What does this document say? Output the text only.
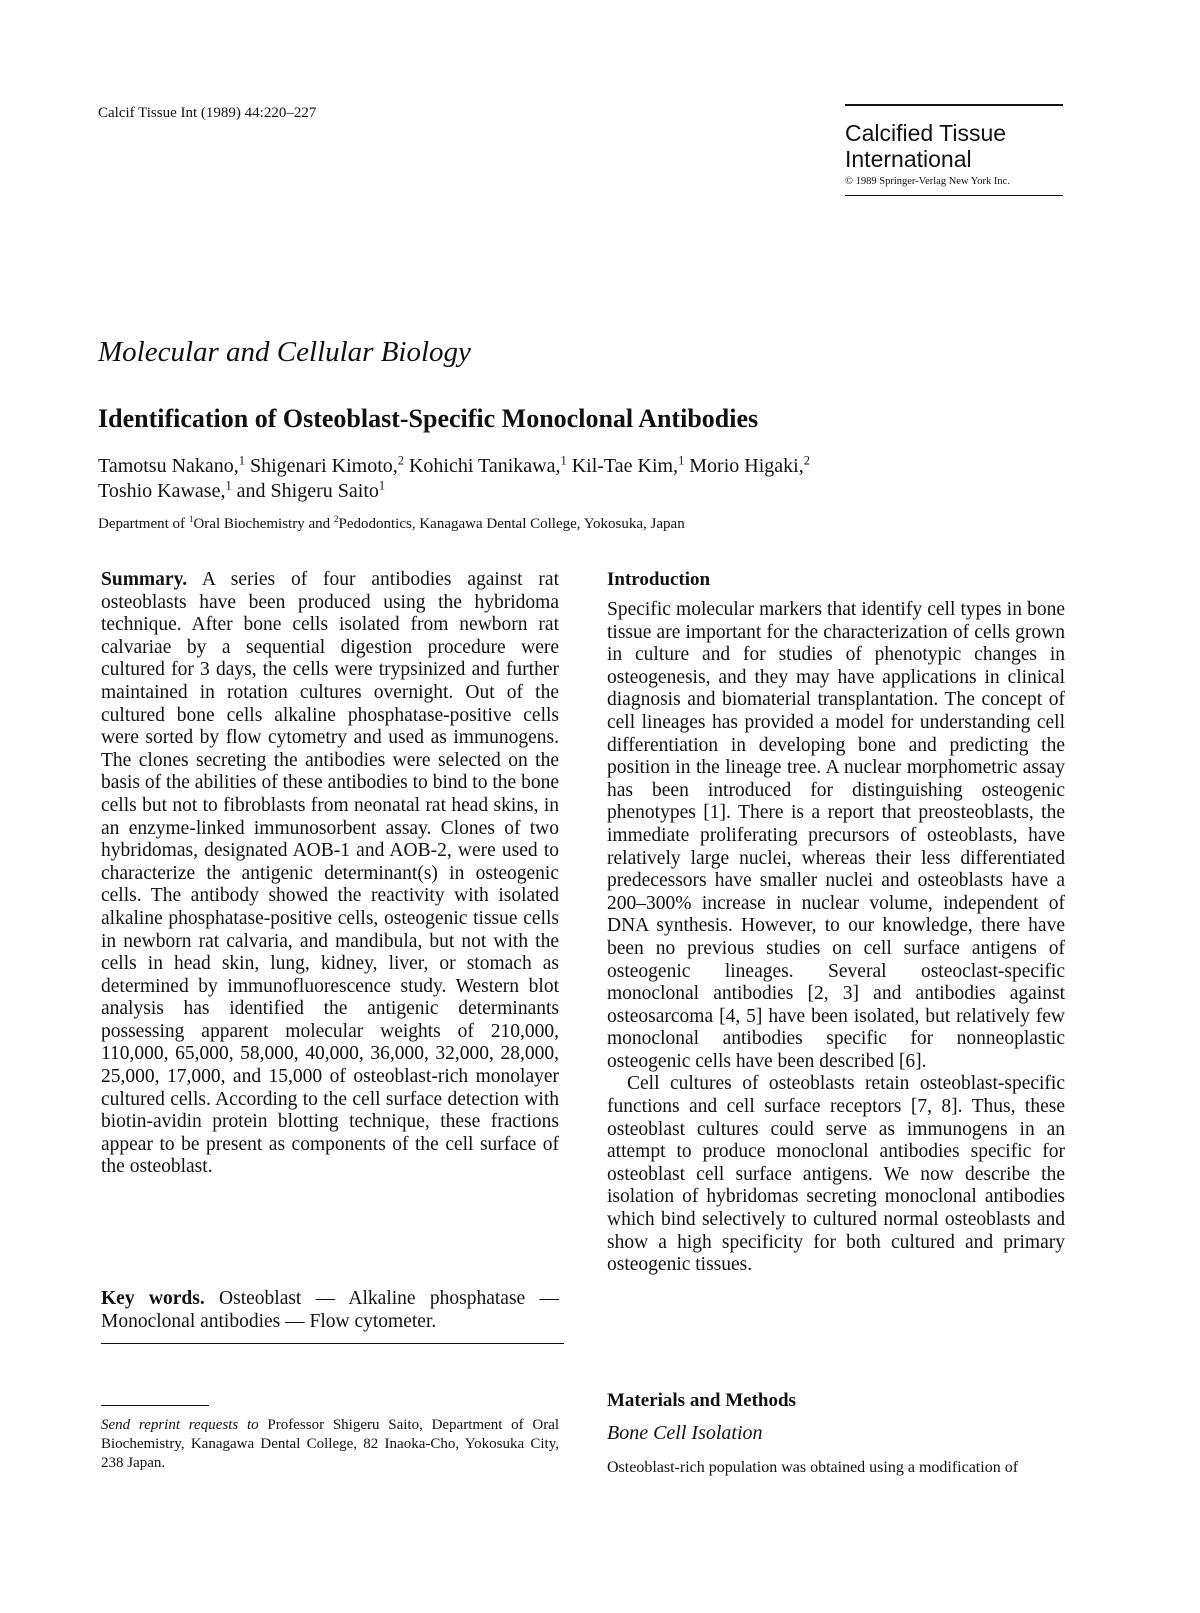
Calcif Tissue Int (1989) 44:220–227
Calcified Tissue International
© 1989 Springer-Verlag New York Inc.
Molecular and Cellular Biology
Identification of Osteoblast-Specific Monoclonal Antibodies
Tamotsu Nakano,$^1$ Shigenari Kimoto,$^2$ Kohichi Tanikawa,$^1$ Kil-Tae Kim,$^1$ Morio Higaki,$^2$
Toshio Kawase,$^1$ and Shigeru Saito$^1$
Department of $^1$Oral Biochemistry and $^2$Pedodontics, Kanagawa Dental College, Yokosuka, Japan
Summary. A series of four antibodies against rat osteoblasts have been produced using the hybridoma technique. After bone cells isolated from newborn rat calvariae by a sequential digestion procedure were cultured for 3 days, the cells were trypsinized and further maintained in rotation cultures overnight. Out of the cultured bone cells alkaline phosphatase-positive cells were sorted by flow cytometry and used as immunogens. The clones secreting the antibodies were selected on the basis of the abilities of these antibodies to bind to the bone cells but not to fibroblasts from neonatal rat head skins, in an enzyme-linked immunosorbent assay. Clones of two hybridomas, designated AOB-1 and AOB-2, were used to characterize the antigenic determinant(s) in osteogenic cells. The antibody showed the reactivity with isolated alkaline phosphatase-positive cells, osteogenic tissue cells in newborn rat calvaria, and mandibula, but not with the cells in head skin, lung, kidney, liver, or stomach as determined by immunofluorescence study. Western blot analysis has identified the antigenic determinants possessing apparent molecular weights of 210,000, 110,000, 65,000, 58,000, 40,000, 36,000, 32,000, 28,000, 25,000, 17,000, and 15,000 of osteoblast-rich monolayer cultured cells. According to the cell surface detection with biotin-avidin protein blotting technique, these fractions appear to be present as components of the cell surface of the osteoblast.
Key words. Osteoblast — Alkaline phosphatase — Monoclonal antibodies — Flow cytometer.
Send reprint requests to Professor Shigeru Saito, Department of Oral Biochemistry, Kanagawa Dental College, 82 Inaoka-Cho, Yokosuka City, 238 Japan.
Introduction

Specific molecular markers that identify cell types in bone tissue are important for the characterization of cells grown in culture and for studies of phenotypic changes in osteogenesis, and they may have applications in clinical diagnosis and biomaterial transplantation. The concept of cell lineages has provided a model for understanding cell differentiation in developing bone and predicting the position in the lineage tree. A nuclear morphometric assay has been introduced for distinguishing osteogenic phenotypes [1]. There is a report that preosteoblasts, the immediate proliferating precursors of osteoblasts, have relatively large nuclei, whereas their less differentiated predecessors have smaller nuclei and osteoblasts have a 200–300% increase in nuclear volume, independent of DNA synthesis. However, to our knowledge, there have been no previous studies on cell surface antigens of osteogenic lineages. Several osteoclast-specific monoclonal antibodies [2, 3] and antibodies against osteosarcoma [4, 5] have been isolated, but relatively few monoclonal antibodies specific for nonneoplastic osteogenic cells have been described [6].

Cell cultures of osteoblasts retain osteoblast-specific functions and cell surface receptors [7, 8]. Thus, these osteoblast cultures could serve as immunogens in an attempt to produce monoclonal antibodies specific for osteoblast cell surface antigens. We now describe the isolation of hybridomas secreting monoclonal antibodies which bind selectively to cultured normal osteoblasts and show a high specificity for both cultured and primary osteogenic tissues.

Materials and Methods
Bone Cell Isolation
Osteoblast-rich population was obtained using a modification of
